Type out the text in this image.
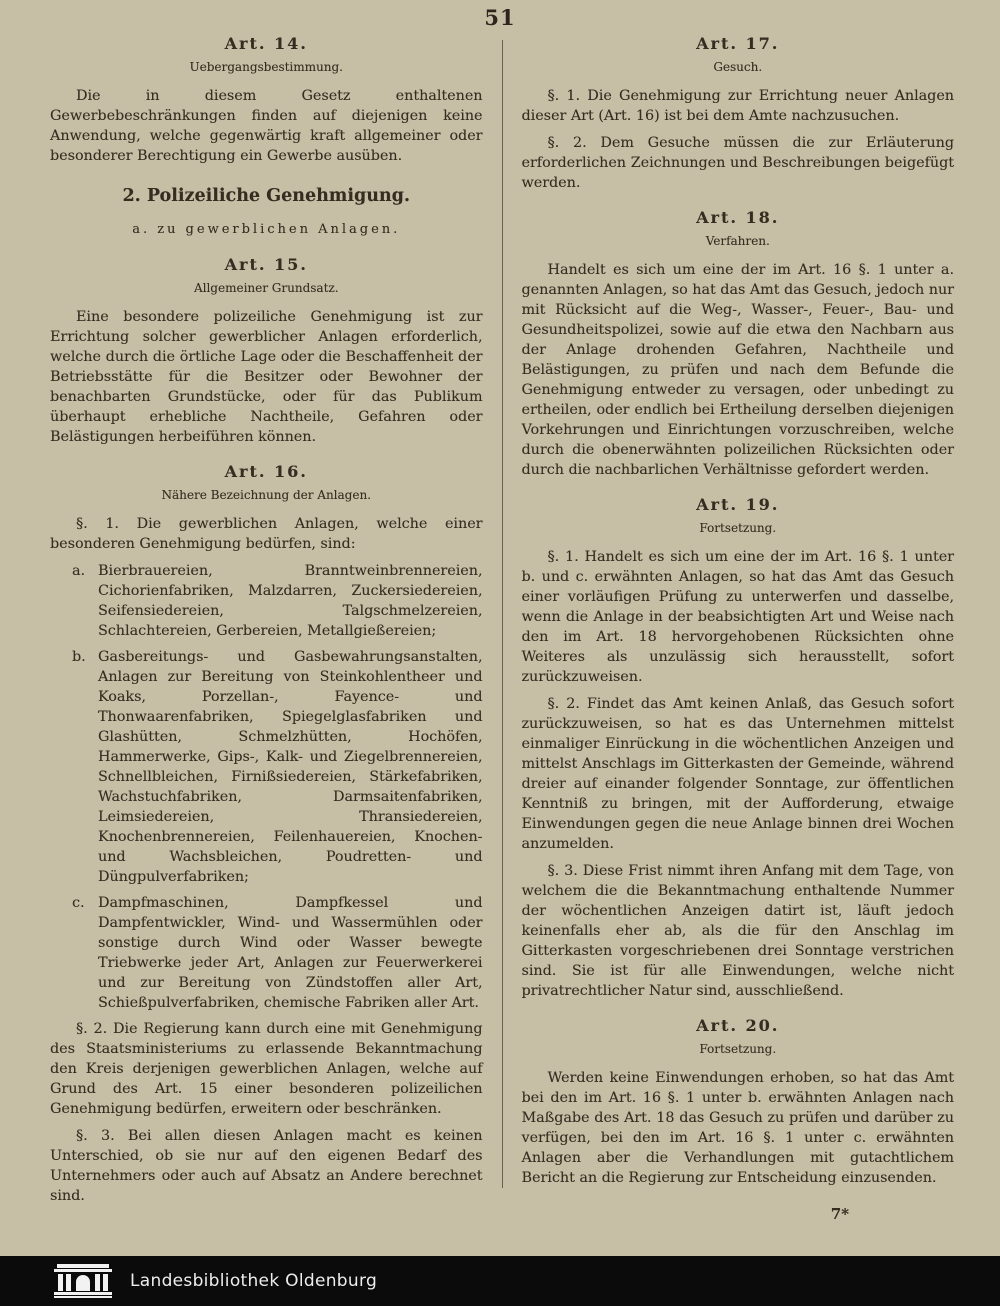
51
Art. 14.
Uebergangsbestimmung.

Die in diesem Gesetz enthaltenen Gewerbebeschränkungen finden auf diejenigen keine Anwendung, welche gegenwärtig kraft allgemeiner oder besonderer Berechtigung ein Gewerbe ausüben.

2. Polizeiliche Genehmigung.
a. zu gewerblichen Anlagen.
Art. 15.
Allgemeiner Grundsatz.

Eine besondere polizeiliche Genehmigung ist zur Errichtung solcher gewerblicher Anlagen erforderlich, welche durch die örtliche Lage oder die Beschaffenheit der Betriebsstätte für die Besitzer oder Bewohner der benachbarten Grundstücke, oder für das Publikum überhaupt erhebliche Nachtheile, Gefahren oder Belästigungen herbeiführen können.

Art. 16.
Nähere Bezeichnung der Anlagen.

§. 1. Die gewerblichen Anlagen, welche einer besonderen Genehmigung bedürfen, sind:

a. Bierbrauereien, Branntweinbrennereien, Cichorienfabriken, Malzdarren, Zuckersiedereien, Seifensiedereien, Talgschmelzereien, Schlachtereien, Gerbereien, Metallgießereien;
b. Gasbereitungs- und Gasbewahrungsanstalten, Anlagen zur Bereitung von Steinkohlentheer und Koaks, Porzellan-, Fayence- und Thonwaarenfabriken, Spiegelglasfabriken und Glashütten, Schmelzhütten, Hochöfen, Hammerwerke, Gips-, Kalk- und Ziegelbrennereien, Schnellbleichen, Firnißsiedereien, Stärkefabriken, Wachstuchfabriken, Darmsaitenfabriken, Leimsiedereien, Thransiedereien, Knochenbrennereien, Feilenhauereien, Knochen- und Wachsbleichen, Poudretten- und Düngpulverfabriken;
c. Dampfmaschinen, Dampfkessel und Dampfentwickler, Wind- und Wassermühlen oder sonstige durch Wind oder Wasser bewegte Triebwerke jeder Art, Anlagen zur Feuerwerkerei und zur Bereitung von Zündstoffen aller Art, Schießpulverfabriken, chemische Fabriken aller Art.

§. 2. Die Regierung kann durch eine mit Genehmigung des Staatsministeriums zu erlassende Bekanntmachung den Kreis derjenigen gewerblichen Anlagen, welche auf Grund des Art. 15 einer besonderen polizeilichen Genehmigung bedürfen, erweitern oder beschränken.

§. 3. Bei allen diesen Anlagen macht es keinen Unterschied, ob sie nur auf den eigenen Bedarf des Unternehmers oder auch auf Absatz an Andere berechnet sind.

Art. 17.
Gesuch.

§. 1. Die Genehmigung zur Errichtung neuer Anlagen dieser Art (Art. 16) ist bei dem Amte nachzusuchen.

§. 2. Dem Gesuche müssen die zur Erläuterung erforderlichen Zeichnungen und Beschreibungen beigefügt werden.

Art. 18.
Verfahren.

Handelt es sich um eine der im Art. 16 §. 1 unter a. genannten Anlagen, so hat das Amt das Gesuch, jedoch nur mit Rücksicht auf die Weg-, Wasser-, Feuer-, Bau- und Gesundheitspolizei, sowie auf die etwa den Nachbarn aus der Anlage drohenden Gefahren, Nachtheile und Belästigungen, zu prüfen und nach dem Befunde die Genehmigung entweder zu versagen, oder unbedingt zu ertheilen, oder endlich bei Ertheilung derselben diejenigen Vorkehrungen und Einrichtungen vorzuschreiben, welche durch die obenerwähnten polizeilichen Rücksichten oder durch die nachbarlichen Verhältnisse gefordert werden.

Art. 19.
Fortsetzung.

§. 1. Handelt es sich um eine der im Art. 16 §. 1 unter b. und c. erwähnten Anlagen, so hat das Amt das Gesuch einer vorläufigen Prüfung zu unterwerfen und dasselbe, wenn die Anlage in der beabsichtigten Art und Weise nach den im Art. 18 hervorgehobenen Rücksichten ohne Weiteres als unzulässig sich herausstellt, sofort zurückzuweisen.

§. 2. Findet das Amt keinen Anlaß, das Gesuch sofort zurückzuweisen, so hat es das Unternehmen mittelst einmaliger Einrückung in die wöchentlichen Anzeigen und mittelst Anschlags im Gitterkasten der Gemeinde, während dreier auf einander folgender Sonntage, zur öffentlichen Kenntniß zu bringen, mit der Aufforderung, etwaige Einwendungen gegen die neue Anlage binnen drei Wochen anzumelden.

§. 3. Diese Frist nimmt ihren Anfang mit dem Tage, von welchem die die Bekanntmachung enthaltende Nummer der wöchentlichen Anzeigen datirt ist, läuft jedoch keinenfalls eher ab, als die für den Anschlag im Gitterkasten vorgeschriebenen drei Sonntage verstrichen sind. Sie ist für alle Einwendungen, welche nicht privatrechtlicher Natur sind, ausschließend.

Art. 20.
Fortsetzung.

Werden keine Einwendungen erhoben, so hat das Amt bei den im Art. 16 §. 1 unter b. erwähnten Anlagen nach Maßgabe des Art. 18 das Gesuch zu prüfen und darüber zu verfügen, bei den im Art. 16 §. 1 unter c. erwähnten Anlagen aber die Verhandlungen mit gutachtlichem Bericht an die Regierung zur Entscheidung einzusenden.

7*
Landesbibliothek Oldenburg
